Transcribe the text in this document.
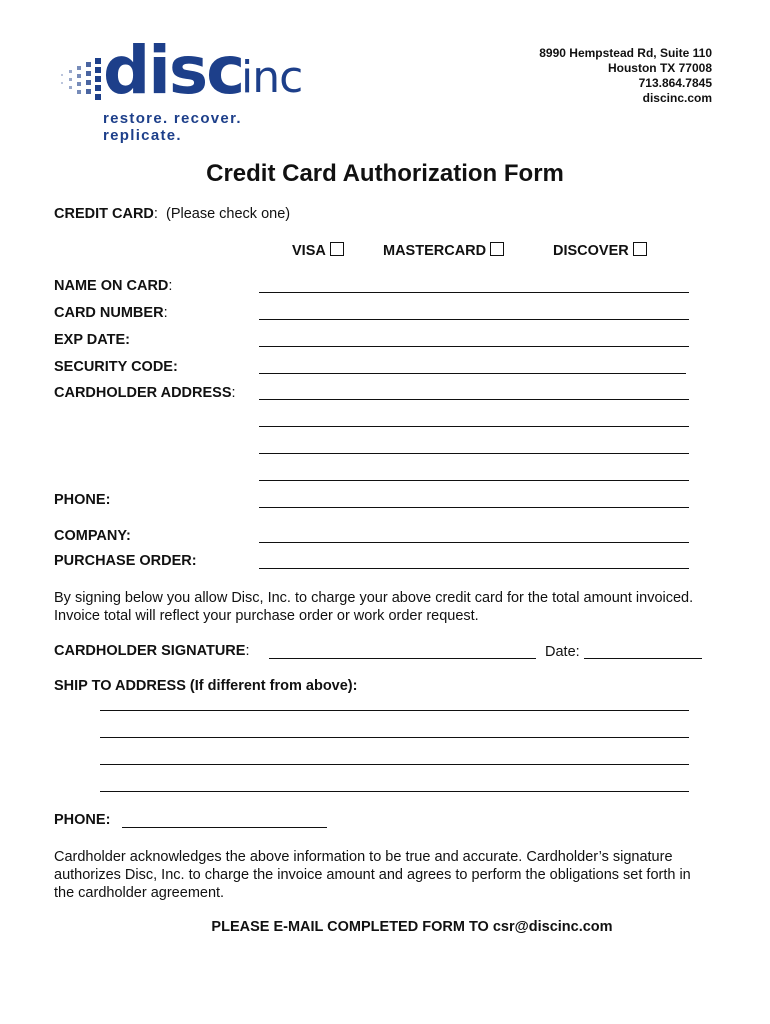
disc
inc
restore. recover. replicate.
8990 Hempstead Rd, Suite 110
Houston TX 77008
713.864.7845
discinc.com
Credit Card Authorization Form
CREDIT CARD: (Please check one)
VISA	MASTERCARD	DISCOVER
NAME ON CARD:
CARD NUMBER:
EXP DATE:
SECURITY CODE:
CARDHOLDER ADDRESS:
PHONE:
COMPANY:
PURCHASE ORDER:
By signing below you allow Disc, Inc. to charge your above credit card for the total amount invoiced. Invoice total will reflect your purchase order or work order request.
CARDHOLDER SIGNATURE:	Date:
SHIP TO ADDRESS (If different from above):
PHONE:
Cardholder acknowledges the above information to be true and accurate. Cardholder’s signature authorizes Disc, Inc. to charge the invoice amount and agrees to perform the obligations set forth in the cardholder agreement.
PLEASE E-MAIL COMPLETED FORM TO csr@discinc.com
